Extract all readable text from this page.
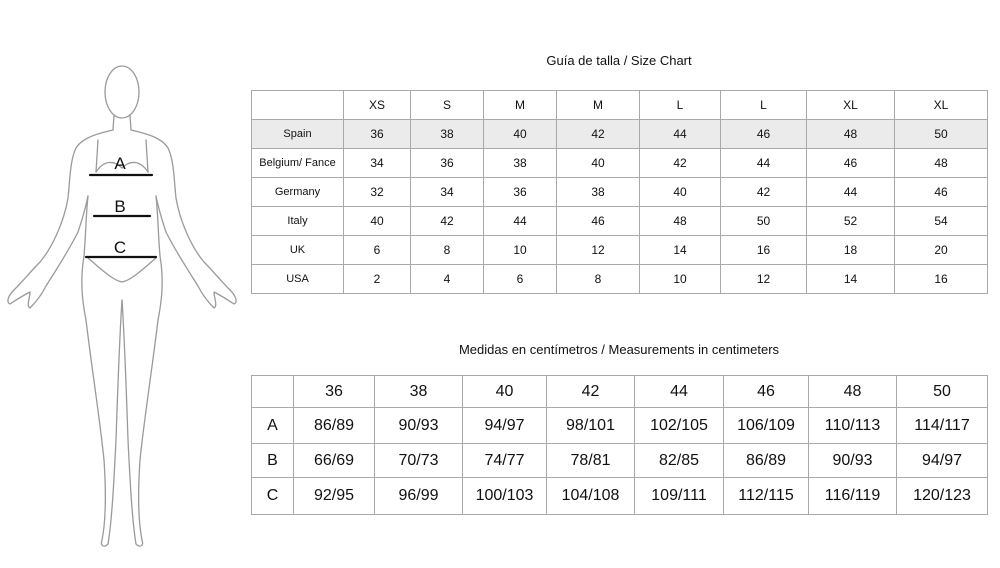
A
B
C
Guía de talla / Size Chart
	XS	S	M	M	L	L	XL	XL
Spain	36	38	40	42	44	46	48	50
Belgium/ Fance	34	36	38	40	42	44	46	48
Germany	32	34	36	38	40	42	44	46
Italy	40	42	44	46	48	50	52	54
UK	6	8	10	12	14	16	18	20
USA	2	4	6	8	10	12	14	16
Medidas en centímetros / Measurements in centimeters
	36	38	40	42	44	46	48	50
A	86/89	90/93	94/97	98/101	102/105	106/109	110/113	114/117
B	66/69	70/73	74/77	78/81	82/85	86/89	90/93	94/97
C	92/95	96/99	100/103	104/108	109/111	112/115	116/119	120/123
